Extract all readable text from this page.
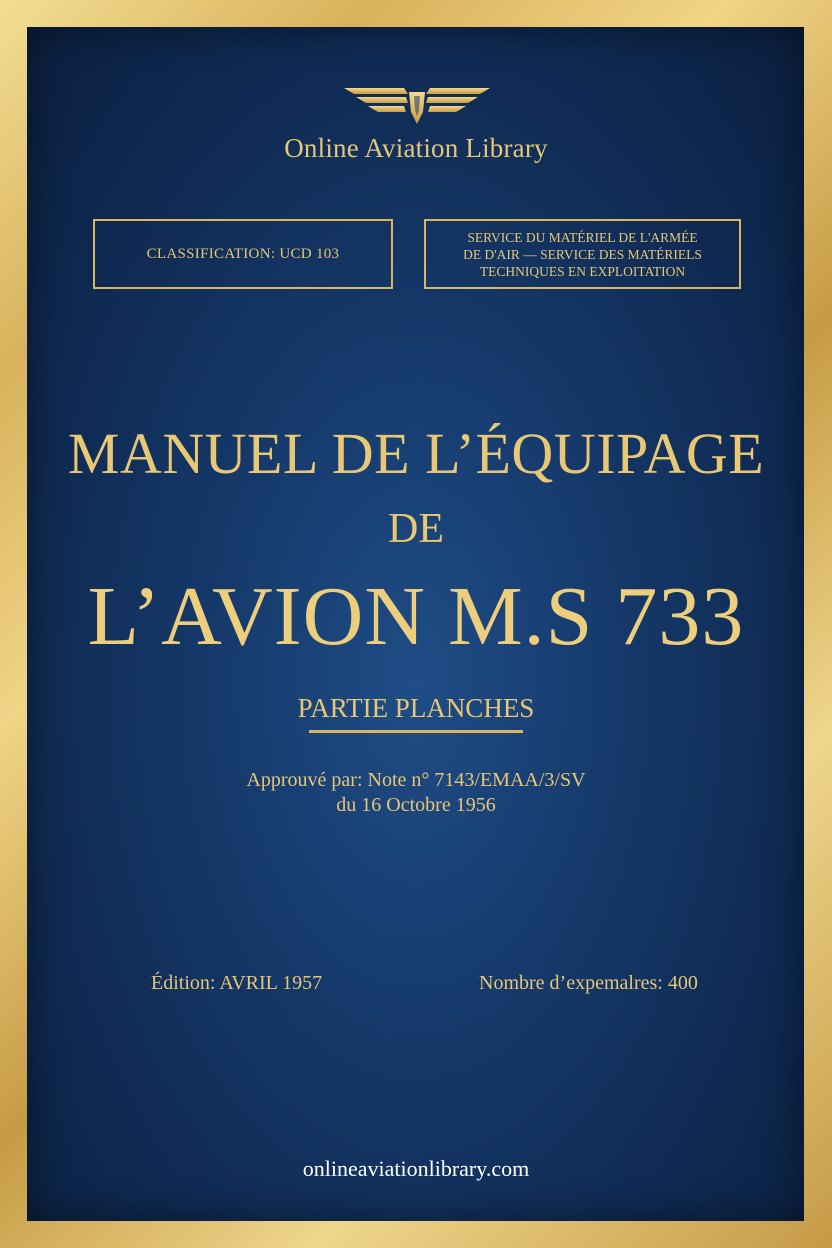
Online Aviation Library
CLASSIFICATION: UCD 103
SERVICE DU MATÉRIEL DE L'ARMÉE
DE D'AIR — SERVICE DES MATÉRIELS
TECHNIQUES EN EXPLOITATION
MANUEL DE L’ÉQUIPAGE
DE
L’AVION M.S 733
PARTIE PLANCHES
Approuvé par: Note n° 7143/EMAA/3/SV
du 16 Octobre 1956
Édition: AVRIL 1957	Nombre d’expemalres: 400
onlineaviationlibrary.com
